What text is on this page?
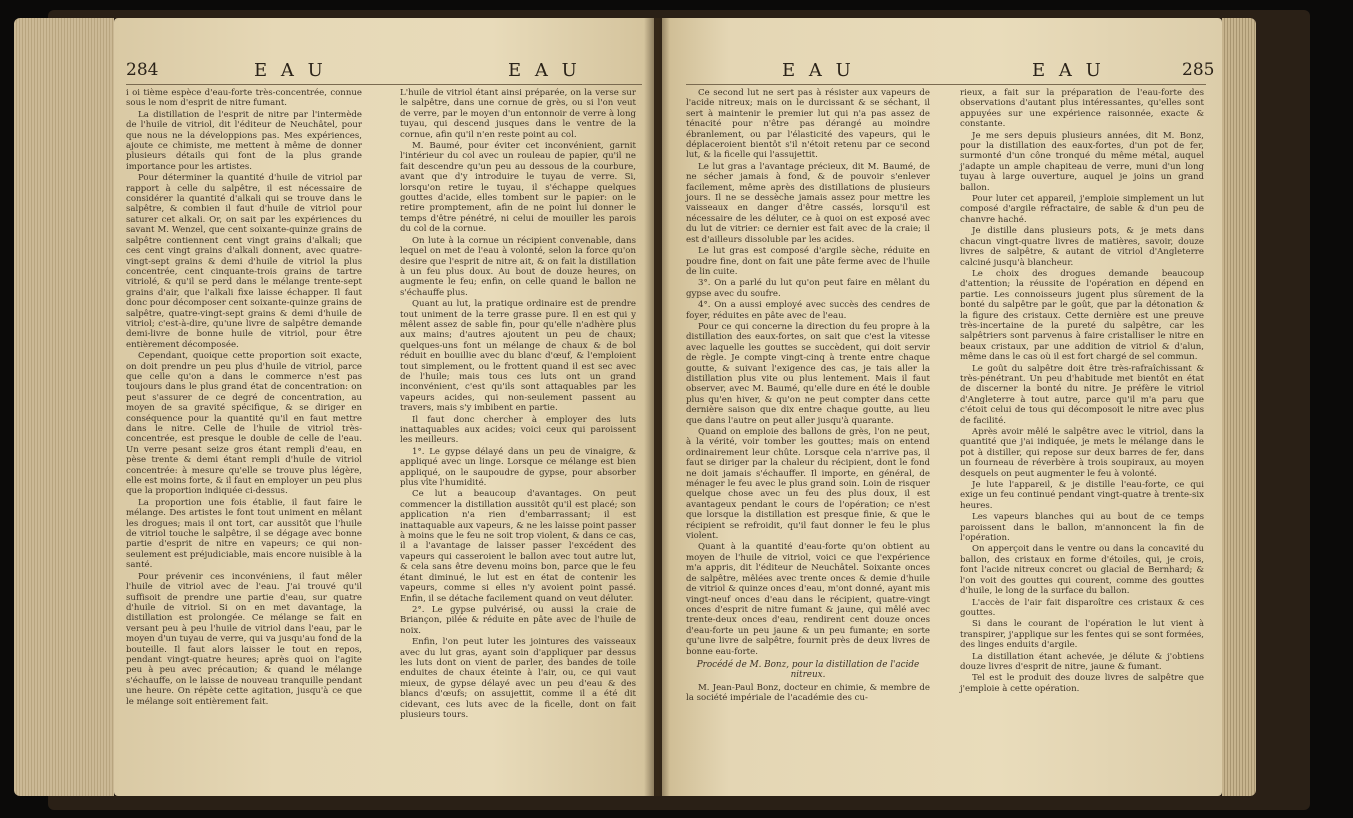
284	E A U	E A U

i oi tième espèce d'eau-forte très-concentrée, connue sous le nom d'esprit de nitre fumant.

La distillation de l'esprit de nitre par l'intermède de l'huile de vitriol, dit l'éditeur de Neuchâtel, pour que nous ne la développions pas. Mes expériences, ajoute ce chimiste, me mettent à même de donner plusieurs détails qui font de la plus grande importance pour les artistes.

Pour déterminer la quantité d'huile de vitriol par rapport à celle du salpêtre, il est nécessaire de considérer la quantité d'alkali qui se trouve dans le salpêtre, & combien il faut d'huile de vitriol pour saturer cet alkali. Or, on sait par les expériences du savant M. Wenzel, que cent soixante-quinze grains de salpêtre contiennent cent vingt grains d'alkali; que ces cent vingt grains d'alkali donnent, avec quatre-vingt-sept grains & demi d'huile de vitriol la plus concentrée, cent cinquante-trois grains de tartre vitriolé, & qu'il se perd dans le mélange trente-sept grains d'air, que l'alkali fixe laisse échapper. Il faut donc pour décomposer cent soixante-quinze grains de salpêtre, quatre-vingt-sept grains & demi d'huile de vitriol; c'est-à-dire, qu'une livre de salpêtre demande demi-livre de bonne huile de vitriol, pour être entièrement décomposée.

Cependant, quoique cette proportion soit exacte, on doit prendre un peu plus d'huile de vitriol, parce que celle qu'on a dans le commerce n'est pas toujours dans le plus grand état de concentration: on peut s'assurer de ce degré de concentration, au moyen de sa gravité spécifique, & se diriger en conséquence pour la quantité qu'il en faut mettre dans le nitre. Celle de l'huile de vitriol très-concentrée, est presque le double de celle de l'eau. Un verre pesant seize gros étant rempli d'eau, en pèse trente & demi étant rempli d'huile de vitriol concentrée: à mesure qu'elle se trouve plus légère, elle est moins forte, & il faut en employer un peu plus que la proportion indiquée ci-dessus.

La proportion une fois établie, il faut faire le mélange. Des artistes le font tout uniment en mêlant les drogues; mais il ont tort, car aussitôt que l'huile de vitriol touche le salpêtre, il se dégage avec bonne partie d'esprit de nitre en vapeurs; ce qui non-seulement est préjudiciable, mais encore nuisible à la santé.

Pour prévenir ces inconvéniens, il faut mêler l'huile de vitriol avec de l'eau. J'ai trouvé qu'il suffisoit de prendre une partie d'eau, sur quatre d'huile de vitriol. Si on en met davantage, la distillation est prolongée. Ce mélange se fait en versant peu à peu l'huile de vitriol dans l'eau, par le moyen d'un tuyau de verre, qui va jusqu'au fond de la bouteille. Il faut alors laisser le tout en repos, pendant vingt-quatre heures; après quoi on l'agite peu à peu avec précaution; & quand le mélange s'échauffe, on le laisse de nouveau tranquille pendant une heure. On répète cette agitation, jusqu'à ce que le mélange soit entièrement fait.

L'huile de vitriol étant ainsi préparée, on la verse sur le salpêtre, dans une cornue de grès, ou si l'on veut de verre, par le moyen d'un entonnoir de verre à long tuyau, qui descend jusques dans le ventre de la cornue, afin qu'il n'en reste point au col.

M. Baumé, pour éviter cet inconvénient, garnit l'intérieur du col avec un rouleau de papier, qu'il ne fait descendre qu'un peu au dessous de la courbure, avant que d'y introduire le tuyau de verre. Si, lorsqu'on retire le tuyau, il s'échappe quelques gouttes d'acide, elles tombent sur le papier: on le retire promptement, afin de ne point lui donner le temps d'être pénétré, ni celui de mouiller les parois du col de la cornue.

On lute à la cornue un récipient convenable, dans lequel on met de l'eau à volonté, selon la force qu'on desire que l'esprit de nitre ait, & on fait la distillation à un feu plus doux. Au bout de douze heures, on augmente le feu; enfin, on celle quand le ballon ne s'échauffe plus.

Quant au lut, la pratique ordinaire est de prendre tout uniment de la terre grasse pure. Il en est qui y mêlent assez de sable fin, pour qu'elle n'adhère plus aux mains; d'autres ajoutent un peu de chaux; quelques-uns font un mélange de chaux & de bol réduit en bouillie avec du blanc d'œuf, & l'emploient tout simplement, ou le frottent quand il est sec avec de l'huile; mais tous ces luts ont un grand inconvénient, c'est qu'ils sont attaquables par les vapeurs acides, qui non-seulement passent au travers, mais s'y imbibent en partie.

Il faut donc chercher à employer des luts inattaquables aux acides; voici ceux qui paroissent les meilleurs.

1°. Le gypse délayé dans un peu de vinaigre, & appliqué avec un linge. Lorsque ce mélange est bien appliqué, on le saupoudre de gypse, pour absorber plus vîte l'humidité.

Ce lut a beaucoup d'avantages. On peut commencer la distillation aussitôt qu'il est placé; son application n'a rien d'embarrassant; il est inattaquable aux vapeurs, & ne les laisse point passer à moins que le feu ne soit trop violent, & dans ce cas, il a l'avantage de laisser passer l'excédent des vapeurs qui casseroient le ballon avec tout autre lut, & cela sans être devenu moins bon, parce que le feu étant diminué, le lut est en état de contenir les vapeurs, comme si elles n'y avoient point passé. Enfin, il se détache facilement quand on veut déluter.

2°. Le gypse pulvérisé, ou aussi la craie de Briançon, pilée & réduite en pâte avec de l'huile de noix.

Enfin, l'on peut luter les jointures des vaisseaux avec du lut gras, ayant soin d'appliquer par dessus les luts dont on vient de parler, des bandes de toile enduites de chaux éteinte à l'air, ou, ce qui vaut mieux, de gypse délayé avec un peu d'eau & des blancs d'œufs; on assujettit, comme il a été dit cidevant, ces luts avec de la ficelle, dont on fait plusieurs tours.

E A U	E A U	285

Ce second lut ne sert pas à résister aux vapeurs de l'acide nitreux; mais on le durcissant & se séchant, il sert à maintenir le premier lut qui n'a pas assez de ténacité pour n'être pas dérangé au moindre ébranlement, ou par l'élasticité des vapeurs, qui le déplaceroient bientôt s'il n'étoit retenu par ce second lut, & la ficelle qui l'assujettit.

Le lut gras a l'avantage précieux, dit M. Baumé, de ne sécher jamais à fond, & de pouvoir s'enlever facilement, même après des distillations de plusieurs jours. Il ne se dessèche jamais assez pour mettre les vaisseaux en danger d'être cassés, lorsqu'il est nécessaire de les déluter, ce à quoi on est exposé avec du lut de vitrier: ce dernier est fait avec de la craie; il est d'ailleurs dissoluble par les acides.

Le lut gras est composé d'argile sèche, réduite en poudre fine, dont on fait une pâte ferme avec de l'huile de lin cuite.

3°. On a parlé du lut qu'on peut faire en mêlant du gypse avec du soufre.

4°. On a aussi employé avec succès des cendres de foyer, réduites en pâte avec de l'eau.

Pour ce qui concerne la direction du feu propre à la distillation des eaux-fortes, on sait que c'est la vitesse avec laquelle les gouttes se succèdent, qui doit servir de règle. Je compte vingt-cinq à trente entre chaque goutte, & suivant l'exigence des cas, je tais aller la distillation plus vite ou plus lentement. Mais il faut observer, avec M. Baumé, qu'elle dure en été le double plus qu'en hiver, & qu'on ne peut compter dans cette dernière saison que dix entre chaque goutte, au lieu que dans l'autre on peut aller jusqu'à quarante.

Quand on emploie des ballons de grès, l'on ne peut, à la vérité, voir tomber les gouttes; mais on entend ordinairement leur chûte. Lorsque cela n'arrive pas, il faut se diriger par la chaleur du récipient, dont le fond ne doit jamais s'échauffer. Il importe, en général, de ménager le feu avec le plus grand soin. Loin de risquer quelque chose avec un feu des plus doux, il est avantageux pendant le cours de l'opération; ce n'est que lorsque la distillation est presque finie, & que le récipient se refroidit, qu'il faut donner le feu le plus violent.

Quant à la quantité d'eau-forte qu'on obtient au moyen de l'huile de vitriol, voici ce que l'expérience m'a appris, dit l'éditeur de Neuchâtel. Soixante onces de salpêtre, mêlées avec trente onces & demie d'huile de vitriol & quinze onces d'eau, m'ont donné, ayant mis vingt-neuf onces d'eau dans le récipient, quatre-vingt onces d'esprit de nitre fumant & jaune, qui mêlé avec trente-deux onces d'eau, rendirent cent douze onces d'eau-forte un peu jaune & un peu fumante; en sorte qu'une livre de salpêtre, fournit près de deux livres de bonne eau-forte.

Procédé de M. Bonz, pour la distillation de l'acide nitreux.

M. Jean-Paul Bonz, docteur en chimie, & membre de la société impériale de l'académie des cu-

rieux, a fait sur la préparation de l'eau-forte des observations d'autant plus intéressantes, qu'elles sont appuyées sur une expérience raisonnée, exacte & constante.

Je me sers depuis plusieurs années, dit M. Bonz, pour la distillation des eaux-fortes, d'un pot de fer, surmonté d'un cône tronqué du même métal, auquel j'adapte un ample chapiteau de verre, muni d'un long tuyau à large ouverture, auquel je joins un grand ballon.

Pour luter cet appareil, j'emploie simplement un lut composé d'argile réfractaire, de sable & d'un peu de chanvre haché.

Je distille dans plusieurs pots, & je mets dans chacun vingt-quatre livres de matières, savoir, douze livres de salpêtre, & autant de vitriol d'Angleterre calciné jusqu'à blancheur.

Le choix des drogues demande beaucoup d'attention; la réussite de l'opération en dépend en partie. Les connoisseurs jugent plus sûrement de la bonté du salpêtre par le goût, que par la détonation & la figure des cristaux. Cette dernière est une preuve très-incertaine de la pureté du salpêtre, car les salpêtriers sont parvenus à faire cristalliser le nitre en beaux cristaux, par une addition de vitriol & d'alun, même dans le cas où il est fort chargé de sel commun.

Le goût du salpêtre doit être très-rafraîchissant & très-pénétrant. Un peu d'habitude met bientôt en état de discerner la bonté du nitre. Je préfère le vitriol d'Angleterre à tout autre, parce qu'il m'a paru que c'étoit celui de tous qui décomposoit le nitre avec plus de facilité.

Après avoir mêlé le salpêtre avec le vitriol, dans la quantité que j'ai indiquée, je mets le mélange dans le pot à distiller, qui repose sur deux barres de fer, dans un fourneau de réverbère à trois soupiraux, au moyen desquels on peut augmenter le feu à volonté.

Je lute l'appareil, & je distille l'eau-forte, ce qui exige un feu continué pendant vingt-quatre à trente-six heures.

Les vapeurs blanches qui au bout de ce temps paroissent dans le ballon, m'annoncent la fin de l'opération.

On apperçoit dans le ventre ou dans la concavité du ballon, des cristaux en forme d'étoiles, qui, je crois, font l'acide nitreux concret ou glacial de Bernhard; & l'on voit des gouttes qui courent, comme des gouttes d'huile, le long de la surface du ballon.

L'accès de l'air fait disparoître ces cristaux & ces gouttes.

Si dans le courant de l'opération le lut vient à transpirer, j'applique sur les fentes qui se sont formées, des linges enduits d'argile.

La distillation étant achevée, je délute & j'obtiens douze livres d'esprit de nitre, jaune & fumant.

Tel est le produit des douze livres de salpêtre que j'emploie à cette opération.
